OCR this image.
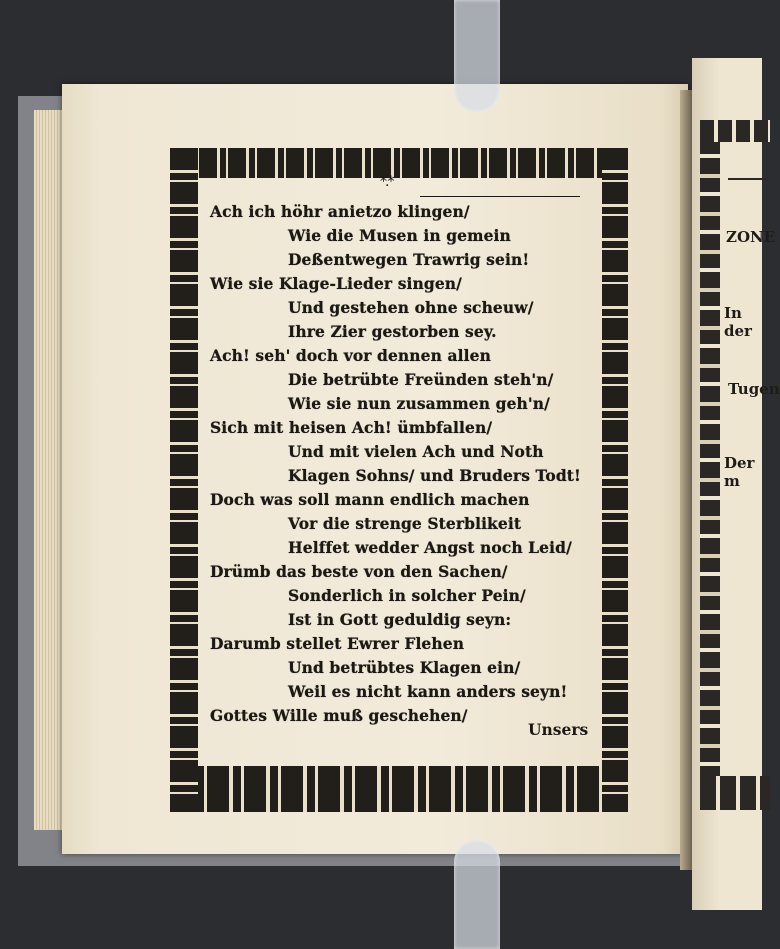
ZONE
In der
Tugen
Der m
*.*
Ach ich höhr anietzo klingen/
Wie die Musen in gemein
Deßentwegen Trawrig sein!
Wie sie Klage-Lieder singen/
Und gestehen ohne scheuw/
Ihre Zier gestorben sey.
Ach! seh' doch vor dennen allen
Die betrübte Freünden steh'n/
Wie sie nun zusammen geh'n/
Sich mit heisen Ach! ümbfallen/
Und mit vielen Ach und Noth
Klagen Sohns/ und Bruders Todt!
Doch was soll mann endlich machen
Vor die strenge Sterblikeit
Helffet wedder Angst noch Leid/
Drümb das beste von den Sachen/
Sonderlich in solcher Pein/
Ist in Gott geduldig seyn:
Darumb stellet Ewrer Flehen
Und betrübtes Klagen ein/
Weil es nicht kann anders seyn!
Gottes Wille muß geschehen/
Unsers
